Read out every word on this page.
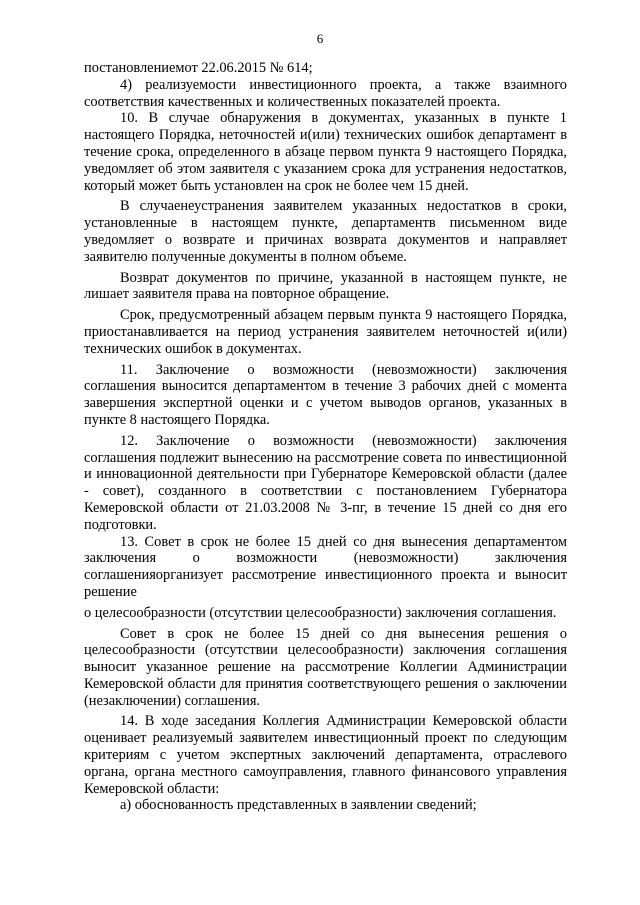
6

постановлениемот 22.06.2015 № 614;

4) реализуемости инвестиционного проекта, а также взаимного соответствия качественных и количественных показателей проекта.

10. В случае обнаружения в документах, указанных в пункте 1 настоящего Порядка, неточностей и(или) технических ошибок департамент в течение срока, определенного в абзаце первом пункта 9 настоящего Порядка, уведомляет об этом заявителя с указанием срока для устранения недостатков, который может быть установлен на срок не более чем 15 дней.

В случаенеустранения заявителем указанных недостатков в сроки, установленные в настоящем пункте, департаментв письменном виде уведомляет о возврате и причинах возврата документов и направляет заявителю полученные документы в полном объеме.

Возврат документов по причине, указанной в настоящем пункте, не лишает заявителя права на повторное обращение.

Срок, предусмотренный абзацем первым пункта 9 настоящего Порядка, приостанавливается на период устранения заявителем неточностей и(или) технических ошибок в документах.

11. Заключение о возможности (невозможности) заключения соглашения выносится департаментом в течение 3 рабочих дней с момента завершения экспертной оценки и с учетом выводов органов, указанных в пункте 8 настоящего Порядка.

12. Заключение о возможности (невозможности) заключения соглашения подлежит вынесению на рассмотрение совета по инвестиционной и инновационной деятельности при Губернаторе Кемеровской области (далее - совет), созданного в соответствии с постановлением Губернатора Кемеровской области от 21.03.2008 № 3-пг, в течение 15 дней со дня его подготовки.

13. Совет в срок не более 15 дней со дня вынесения департаментом заключения о возможности (невозможности) заключения соглашенияорганизует рассмотрение инвестиционного проекта и выносит решение

о целесообразности (отсутствии целесообразности) заключения соглашения.

Совет в срок не более 15 дней со дня вынесения решения о целесообразности (отсутствии целесообразности) заключения соглашения выносит указанное решение на рассмотрение Коллегии Администрации Кемеровской области для принятия соответствующего решения о заключении (незаключении) соглашения.

14. В ходе заседания Коллегия Администрации Кемеровской области оценивает реализуемый заявителем инвестиционный проект по следующим критериям с учетом экспертных заключений департамента, отраслевого органа, органа местного самоуправления, главного финансового управления Кемеровской области:

а) обоснованность представленных в заявлении сведений;
